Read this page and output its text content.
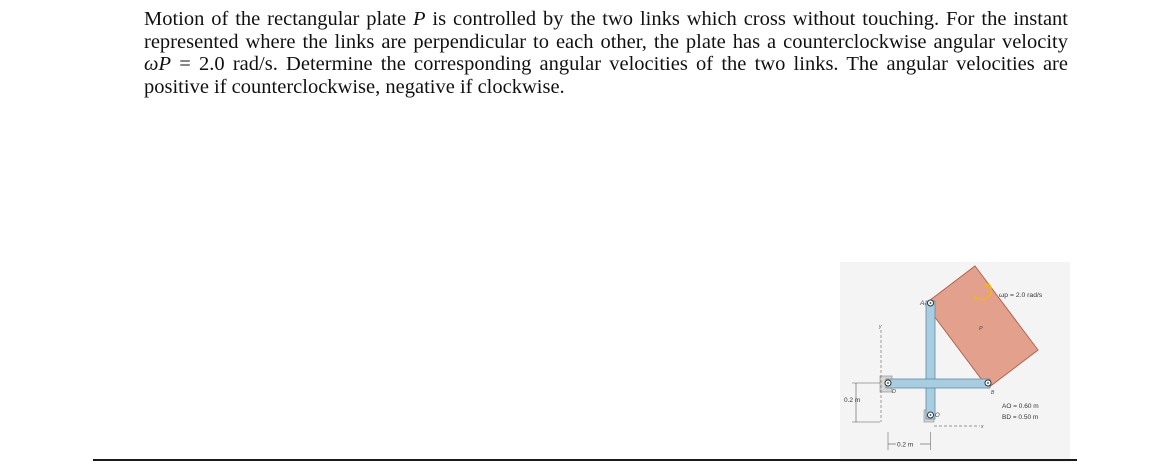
Motion of the rectangular plate P is controlled by the two links which cross without touching. For the instant represented where the links are perpendicular to each other, the plate has a counterclockwise angular velocity ωP = 2.0 rad/s. Determine the corresponding angular velocities of the two links. The angular velocities are positive if counterclockwise, negative if clockwise.

ωp = 2.0 rad/s
A
B
D
O
P
y
x
0.2 m
0.2 m
AO = 0.60 m
BD = 0.50 m
